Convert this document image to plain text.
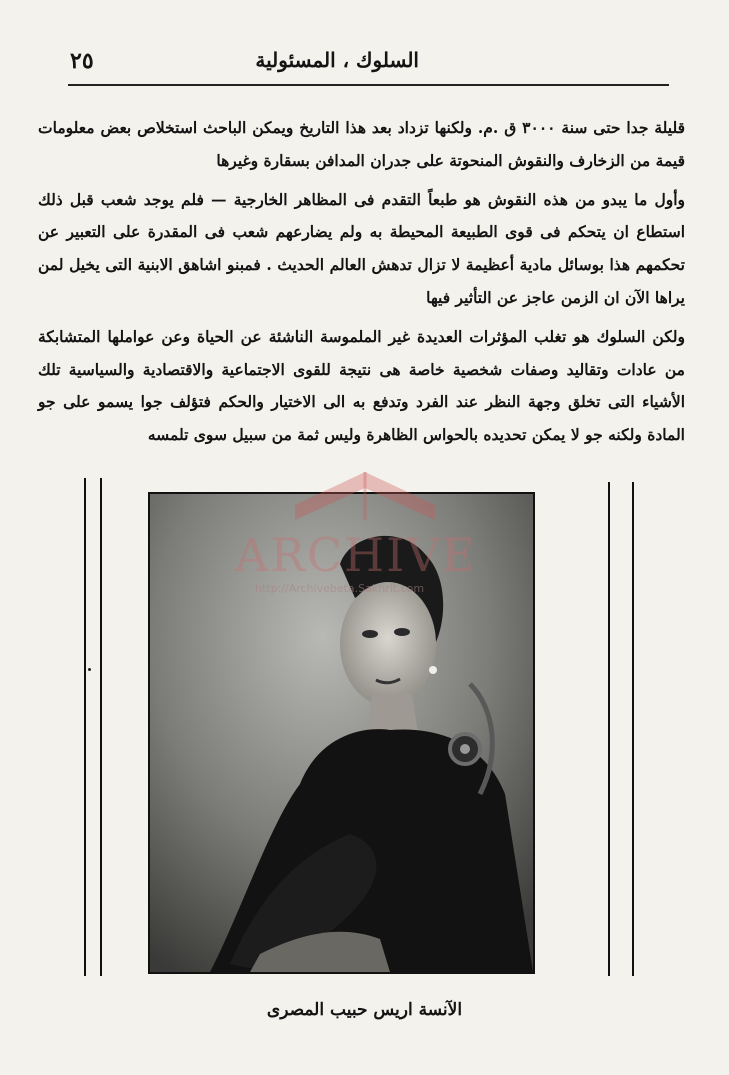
٢٥	السلوك ، المسئولية

قليلة جدا حتى سنة ٣٠٠٠ ق .م. ولكنها تزداد بعد هذا التاريخ ويمكن الباحث استخلاص بعض معلومات قيمة من الزخارف والنقوش المنحوتة على جدران المدافن بسقارة وغيرها

وأول ما يبدو من هذه النقوش هو طبعاً التقدم فى المظاهر الخارجية — فلم يوجد شعب قبل ذلك استطاع ان يتحكم فى قوى الطبيعة المحيطة به ولم يضارعهم شعب فى المقدرة على التعبير عن تحكمهم هذا بوسائل مادية أعظيمة لا تزال تدهش العالم الحديث . فمبنو اشاهق الابنية التى يخيل لمن يراها الآن ان الزمن عاجز عن التأثير فيها

ولكن السلوك هو تغلب المؤثرات العديدة غير الملموسة الناشئة عن الحياة وعن عواملها المتشابكة من عادات وتقاليد وصفات شخصية خاصة هى نتيجة للقوى الاجتماعية والاقتصادية والسياسية تلك الأشياء التى تخلق وجهة النظر عند الفرد وتدفع به الى الاختيار والحكم فتؤلف جوا يسمو على جو المادة ولكنه جو لا يمكن تحديده بالحواس الظاهرة وليس ثمة من سبيل سوى تلمسه

ARCHIVE
http://Archivebeta.Sakhrit.com
الآنسة اريس حبيب المصرى
